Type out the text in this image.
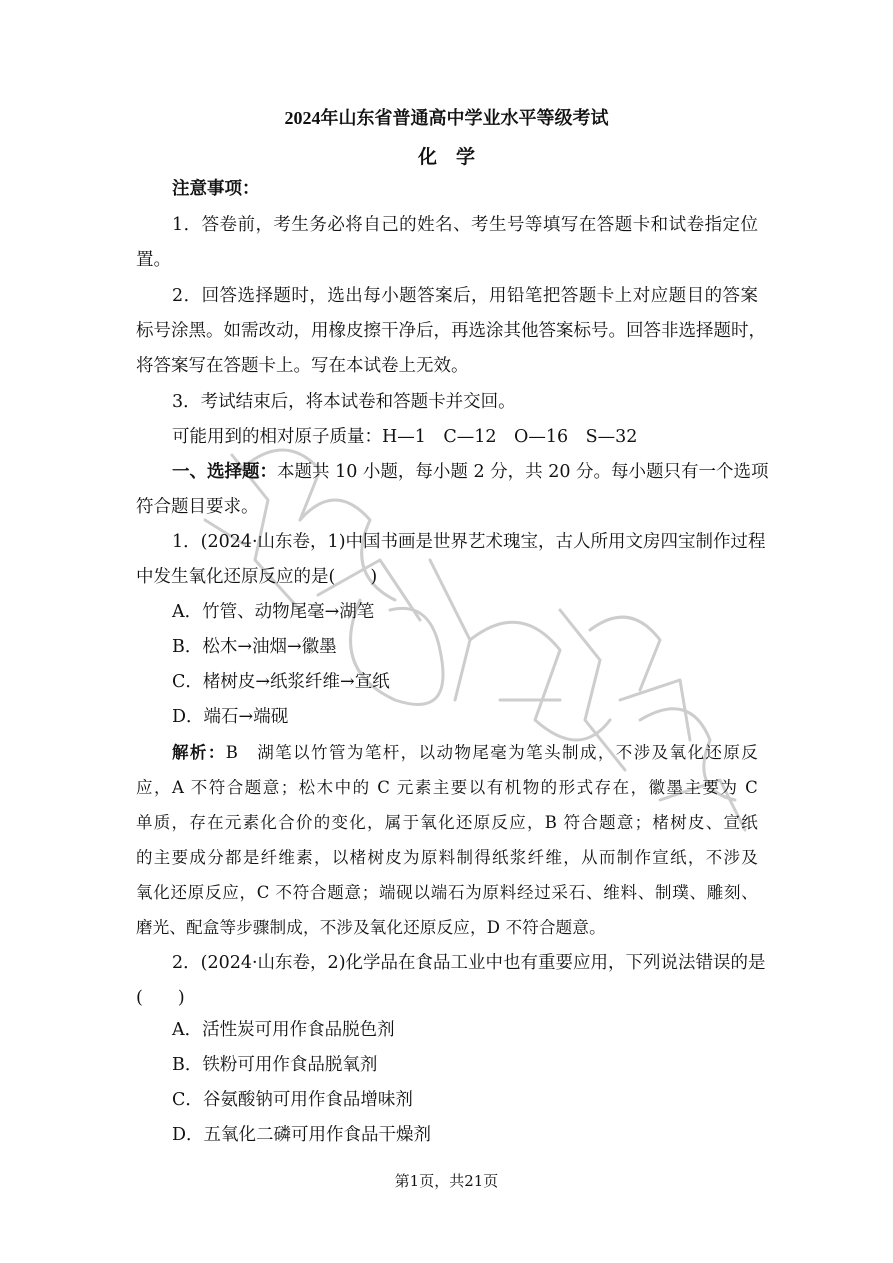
2024年山东省普通高中学业水平等级考试
化　学

注意事项：

1．答卷前，考生务必将自己的姓名、考生号等填写在答题卡和试卷指定位

置。

2．回答选择题时，选出每小题答案后，用铅笔把答题卡上对应题目的答案

标号涂黑。如需改动，用橡皮擦干净后，再选涂其他答案标号。回答非选择题时，

将答案写在答题卡上。写在本试卷上无效。

3．考试结束后，将本试卷和答题卡并交回。

可能用到的相对原子质量：H—1　C—12　O—16　S—32

一、选择题：本题共 10 小题，每小题 2 分，共 20 分。每小题只有一个选项

符合题目要求。

1．(2024·山东卷，1)中国书画是世界艺术瑰宝，古人所用文房四宝制作过程

中发生氧化还原反应的是(　　)

A．竹管、动物尾毫→湖笔

B．松木→油烟→徽墨

C．楮树皮→纸浆纤维→宣纸

D．端石→端砚

解析：B　湖笔以竹管为笔杆，以动物尾毫为笔头制成，不涉及氧化还原反

应，A 不符合题意；松木中的 C 元素主要以有机物的形式存在，徽墨主要为 C

单质，存在元素化合价的变化，属于氧化还原反应，B 符合题意；楮树皮、宣纸

的主要成分都是纤维素，以楮树皮为原料制得纸浆纤维，从而制作宣纸，不涉及

氧化还原反应，C 不符合题意；端砚以端石为原料经过采石、维料、制璞、雕刻、

磨光、配盒等步骤制成，不涉及氧化还原反应，D 不符合题意。

2．(2024·山东卷，2)化学品在食品工业中也有重要应用，下列说法错误的是

(　　)

A．活性炭可用作食品脱色剂

B．铁粉可用作食品脱氧剂

C．谷氨酸钠可用作食品增味剂

D．五氧化二磷可用作食品干燥剂

第1页，共21页
